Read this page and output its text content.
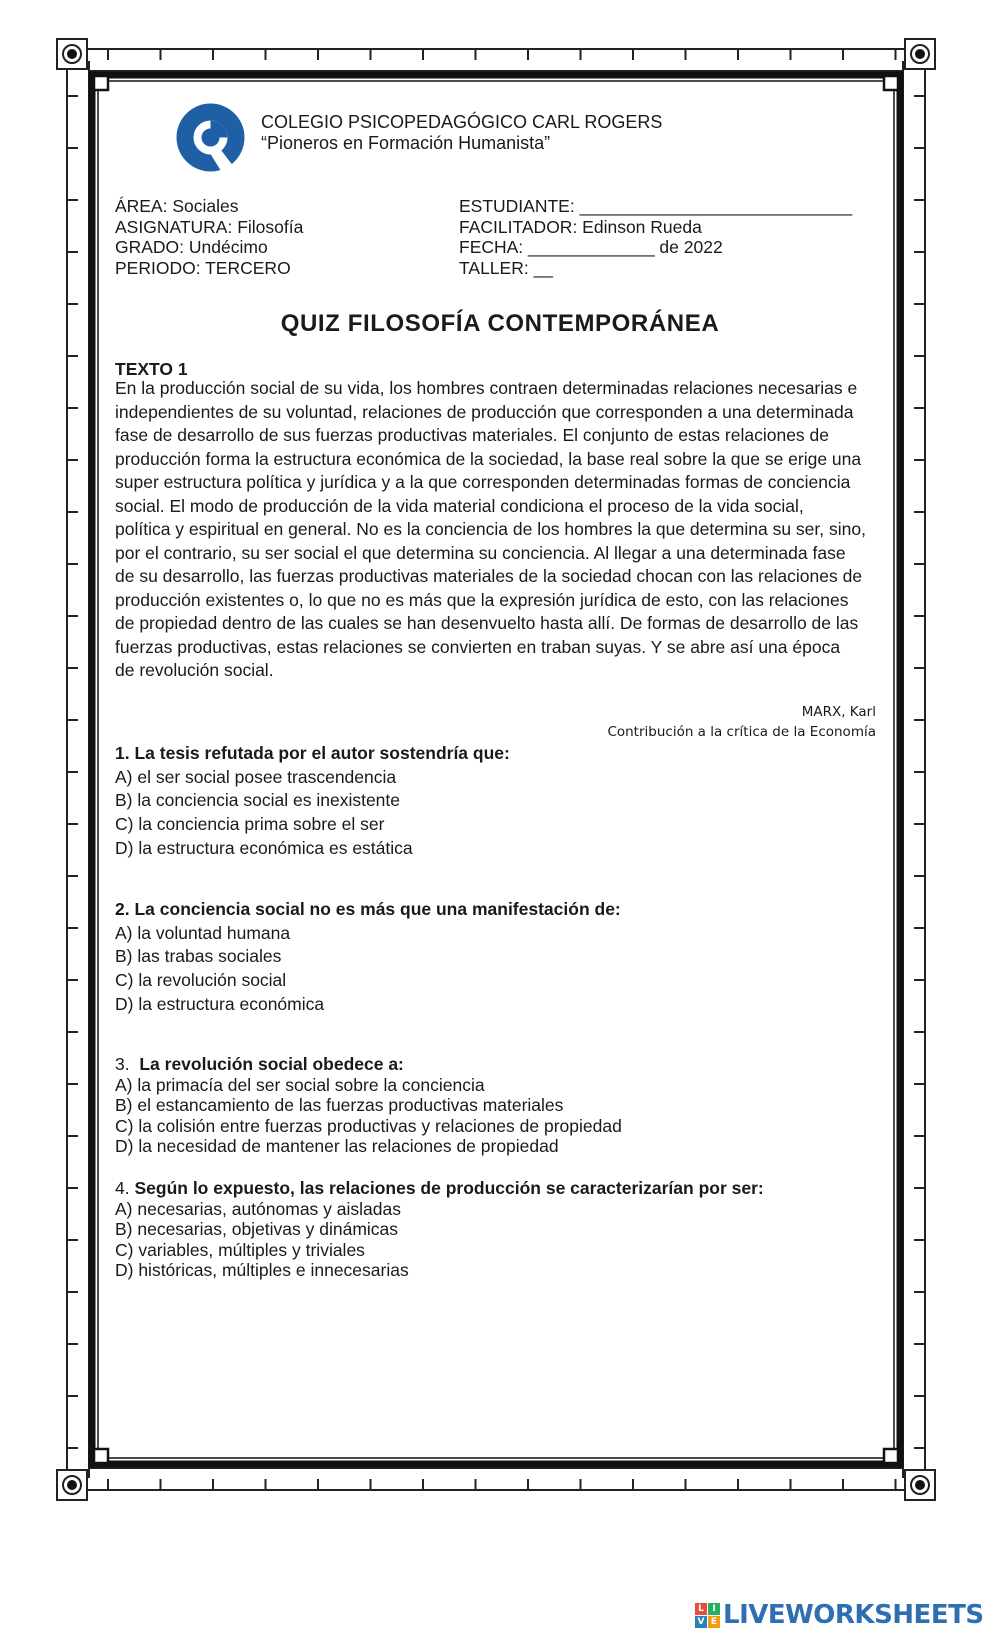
COLEGIO PSICOPEDAGÓGICO CARL ROGERS
“Pioneros en Formación Humanista”
ÁREA: Sociales
ASIGNATURA: Filosofía
GRADO: Undécimo
PERIODO: TERCERO
ESTUDIANTE: ____________________________
FACILITADOR: Edinson Rueda
FECHA: _____________ de 2022
TALLER: __
QUIZ FILOSOFÍA CONTEMPORÁNEA
TEXTO 1

En la producción social de su vida, los hombres contraen determinadas relaciones necesarias e

independientes de su voluntad, relaciones de producción que corresponden a una determinada

fase de desarrollo de sus fuerzas productivas materiales. El conjunto de estas relaciones de

producción forma la estructura económica de la sociedad, la base real sobre la que se erige una

super estructura política y jurídica y a la que corresponden determinadas formas de conciencia

social. El modo de producción de la vida material condiciona el proceso de la vida social,

política y espiritual en general. No es la conciencia de los hombres la que determina su ser, sino,

por el contrario, su ser social el que determina su conciencia. Al llegar a una determinada fase

de su desarrollo, las fuerzas productivas materiales de la sociedad chocan con las relaciones de

producción existentes o, lo que no es más que la expresión jurídica de esto, con las relaciones

de propiedad dentro de las cuales se han desenvuelto hasta allí. De formas de desarrollo de las

fuerzas productivas, estas relaciones se convierten en traban suyas. Y se abre así una época

de revolución social.

MARX, Karl
Contribución a la crítica de la Economía
1. La tesis refutada por el autor sostendría que:
A) el ser social posee trascendencia
B) la conciencia social es inexistente
C) la conciencia prima sobre el ser
D) la estructura económica es estática
2. La conciencia social no es más que una manifestación de:
A) la voluntad humana
B) las trabas sociales
C) la revolución social
D) la estructura económica
3. La revolución social obedece a:
A) la primacía del ser social sobre la conciencia
B) el estancamiento de las fuerzas productivas materiales
C) la colisión entre fuerzas productivas y relaciones de propiedad
D) la necesidad de mantener las relaciones de propiedad
4. Según lo expuesto, las relaciones de producción se caracterizarían por ser:
A) necesarias, autónomas y aisladas
B) necesarias, objetivas y dinámicas
C) variables, múltiples y triviales
D) históricas, múltiples e innecesarias
L I
V E LIVEWORKSHEETS
